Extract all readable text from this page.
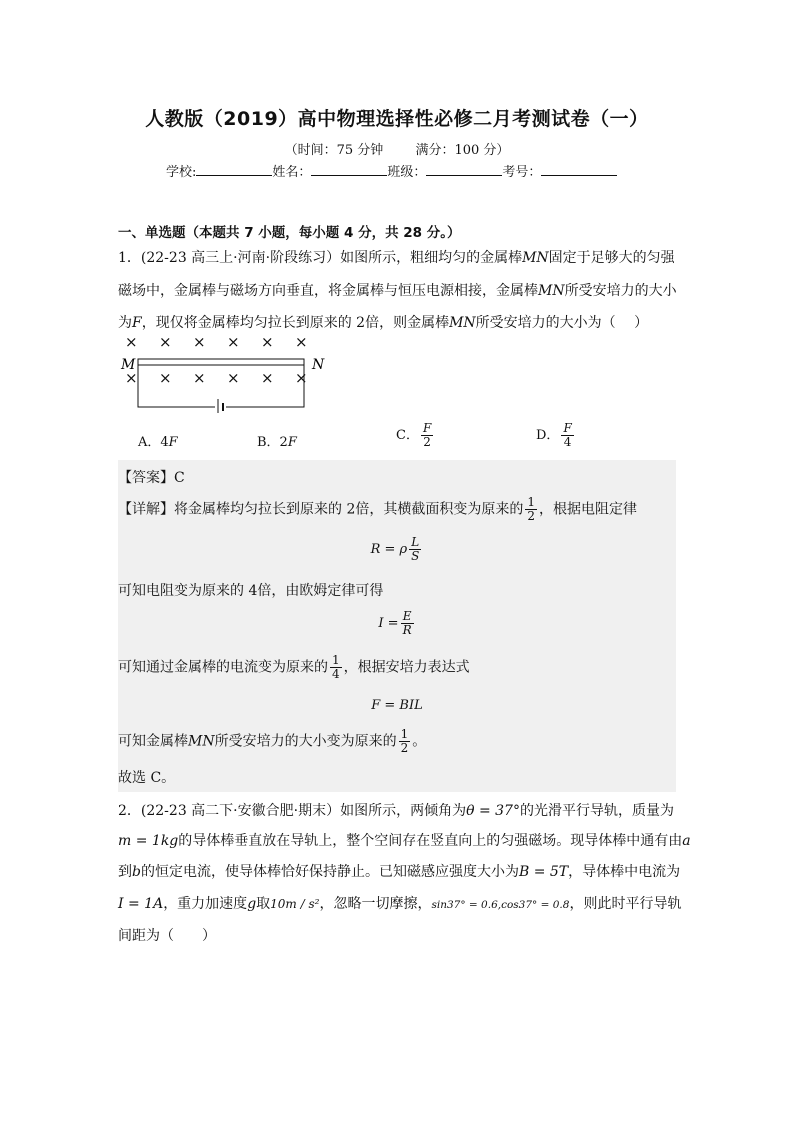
人教版（2019）高中物理选择性必修二月考测试卷（一）
（时间：75 分钟 满分：100 分）
学校:	姓名：	班级：	考号：
一、单选题（本题共 7 小题，每小题 4 分，共 28 分。）
1．(22-23 高三上·河南·阶段练习）如图所示，粗细均匀的金属棒MN固定于足够大的匀强
磁场中，金属棒与磁场方向垂直，将金属棒与恒压电源相接，金属棒MN所受安培力的大小
为F，现仅将金属棒均匀拉长到原来的 2倍，则金属棒MN所受安培力的大小为（　 ）
× × × × × ×
× × × × × ×
M	N
A．4F	B．2F	C． $\frac{F}{2}$	D． $\frac{F}{4}$
【答案】C
【详解】将金属棒均匀拉长到原来的 2倍，其横截面积变为原来的 $\frac{1}{2}$ ，根据电阻定律
R = ρ $\frac{L}{S}$
可知电阻变为原来的 4倍，由欧姆定律可得
$I = \frac{E}{R}$
可知通过金属棒的电流变为原来的 $\frac{1}{4}$ ，根据安培力表达式
F = BIL
可知金属棒MN所受安培力的大小变为原来的 $\frac{1}{2}$ 。
故选 C。
2．(22-23 高二下·安徽合肥·期末）如图所示，两倾角为θ = 37°的光滑平行导轨，质量为
m = 1kg的导体棒垂直放在导轨上，整个空间存在竖直向上的匀强磁场。现导体棒中通有由a
到b的恒定电流，使导体棒恰好保持静止。已知磁感应强度大小为B = 5T，导体棒中电流为
I = 1A，重力加速度g取10m / s²，忽略一切摩擦，sin37° = 0.6,cos37° = 0.8，则此时平行导轨
间距为（　　）
